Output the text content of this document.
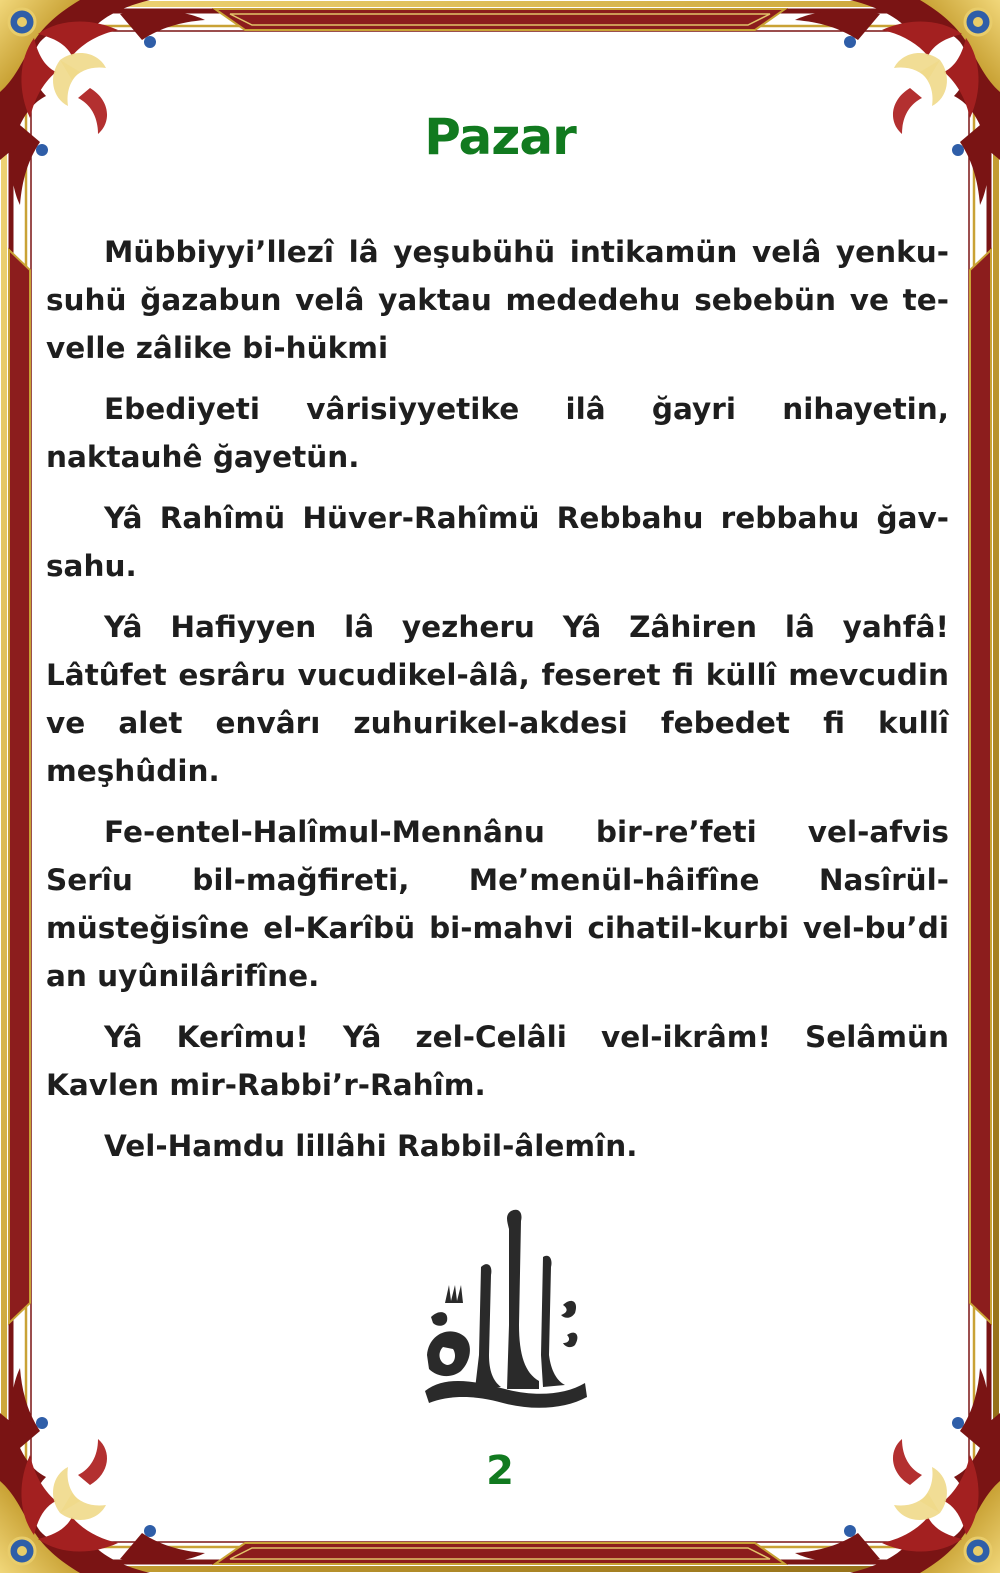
Pazar

Mübbiyyi’llezî lâ yeşubühü intikamün velâ yenkusuhü ğazabun velâ yaktau mededehu sebebün ve tevelle zâlike bi-hükmi

Ebediyeti vârisiyyetike ilâ ğayri nihayetin, naktauhê ğayetün.

Yâ Rahîmü Hüver-Rahîmü Rebbahu rebbahu ğavsahu.

Yâ Hafiyyen lâ yezheru Yâ Zâhiren lâ yahfâ! Lâtûfet esrâru vucudikel-âlâ, feseret fi küllî mevcudin ve alet envârı zuhurikel-akdesi febedet fi kullî meşhûdin.

Fe-entel-Halîmul-Mennânu bir-re’feti vel-afvis Serîu bil-mağfireti, Me’menül-hâifîne Nasîrül-müsteğisîne el-Karîbü bi-mahvi cihatil-kurbi vel-bu’di an uyûnilârifîne.

Yâ Kerîmu! Yâ zel-Celâli vel-ikrâm! Selâmün Kavlen mir-Rabbi’r-Rahîm.

Vel-Hamdu lillâhi Rabbil-âlemîn.

2
